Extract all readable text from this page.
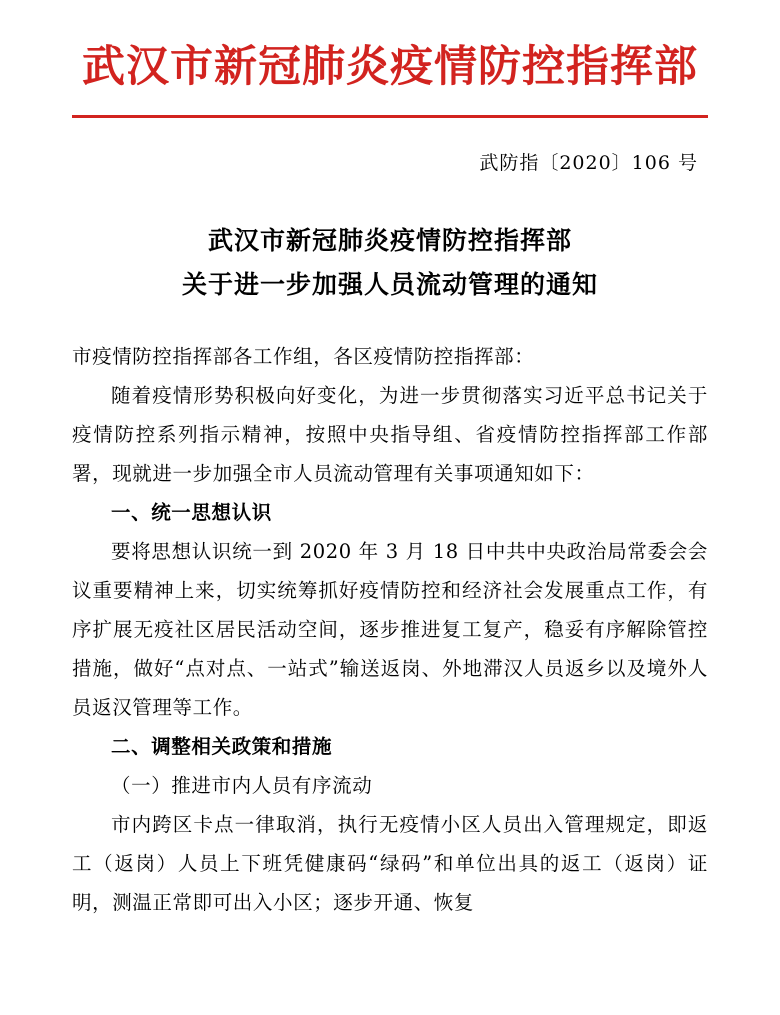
武汉市新冠肺炎疫情防控指挥部
武防指〔2020〕106 号
武汉市新冠肺炎疫情防控指挥部
关于进一步加强人员流动管理的通知

市疫情防控指挥部各工作组，各区疫情防控指挥部：

随着疫情形势积极向好变化，为进一步贯彻落实习近平总书记关于疫情防控系列指示精神，按照中央指导组、省疫情防控指挥部工作部署，现就进一步加强全市人员流动管理有关事项通知如下：

一、统一思想认识

要将思想认识统一到 2020 年 3 月 18 日中共中央政治局常委会会议重要精神上来，切实统筹抓好疫情防控和经济社会发展重点工作，有序扩展无疫社区居民活动空间，逐步推进复工复产，稳妥有序解除管控措施，做好“点对点、一站式”输送返岗、外地滞汉人员返乡以及境外人员返汉管理等工作。

二、调整相关政策和措施

（一）推进市内人员有序流动

市内跨区卡点一律取消，执行无疫情小区人员出入管理规定，即返工（返岗）人员上下班凭健康码“绿码”和单位出具的返工（返岗）证明，测温正常即可出入小区；逐步开通、恢复
